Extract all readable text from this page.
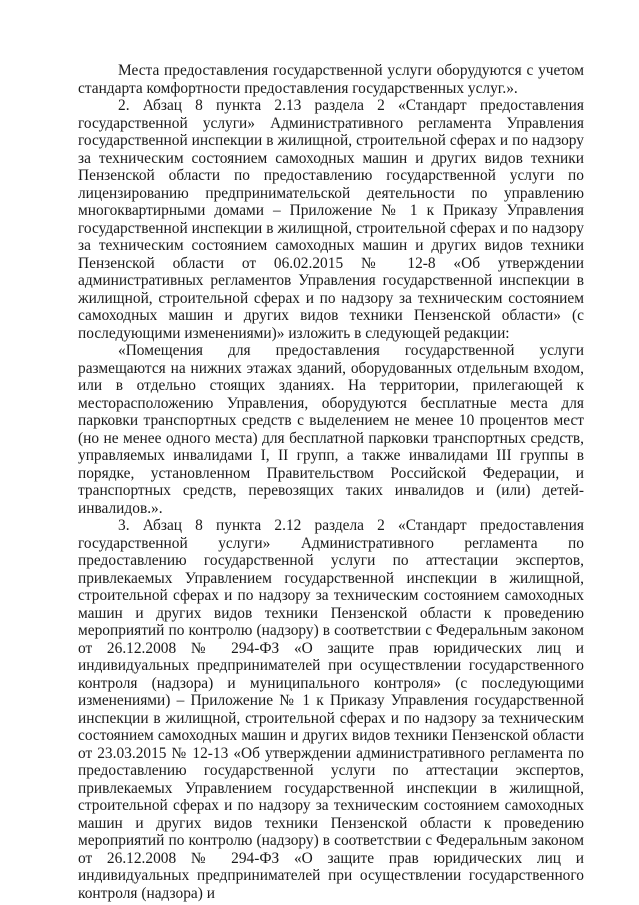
Места предоставления государственной услуги оборудуются с учетом стандарта комфортности предоставления государственных услуг.».

2. Абзац 8 пункта 2.13 раздела 2 «Стандарт предоставления государственной услуги» Административного регламента Управления государственной инспекции в жилищной, строительной сферах и по надзору за техническим состоянием самоходных машин и других видов техники Пензенской области по предоставлению государственной услуги по лицензированию предпринимательской деятельности по управлению многоквартирными домами – Приложение № 1 к Приказу Управления государственной инспекции в жилищной, строительной сферах и по надзору за техническим состоянием самоходных машин и других видов техники Пензенской области от 06.02.2015 № 12-8 «Об утверждении административных регламентов Управления государственной инспекции в жилищной, строительной сферах и по надзору за техническим состоянием самоходных машин и других видов техники Пензенской области» (с последующими изменениями)» изложить в следующей редакции:

«Помещения для предоставления государственной услуги размещаются на нижних этажах зданий, оборудованных отдельным входом, или в отдельно стоящих зданиях. На территории, прилегающей к месторасположению Управления, оборудуются бесплатные места для парковки транспортных средств с выделением не менее 10 процентов мест (но не менее одного места) для бесплатной парковки транспортных средств, управляемых инвалидами I, II групп, а также инвалидами III группы в порядке, установленном Правительством Российской Федерации, и транспортных средств, перевозящих таких инвалидов и (или) детей-инвалидов.».

3. Абзац 8 пункта 2.12 раздела 2 «Стандарт предоставления государственной услуги» Административного регламента по предоставлению государственной услуги по аттестации экспертов, привлекаемых Управлением государственной инспекции в жилищной, строительной сферах и по надзору за техническим состоянием самоходных машин и других видов техники Пензенской области к проведению мероприятий по контролю (надзору) в соответствии с Федеральным законом от 26.12.2008 № 294-ФЗ «О защите прав юридических лиц и индивидуальных предпринимателей при осуществлении государственного контроля (надзора) и муниципального контроля» (с последующими изменениями) – Приложение № 1 к Приказу Управления государственной инспекции в жилищной, строительной сферах и по надзору за техническим состоянием самоходных машин и других видов техники Пензенской области от 23.03.2015 № 12-13 «Об утверждении административного регламента по предоставлению государственной услуги по аттестации экспертов, привлекаемых Управлением государственной инспекции в жилищной, строительной сферах и по надзору за техническим состоянием самоходных машин и других видов техники Пензенской области к проведению мероприятий по контролю (надзору) в соответствии с Федеральным законом от 26.12.2008 № 294-ФЗ «О защите прав юридических лиц и индивидуальных предпринимателей при осуществлении государственного контроля (надзора) и
